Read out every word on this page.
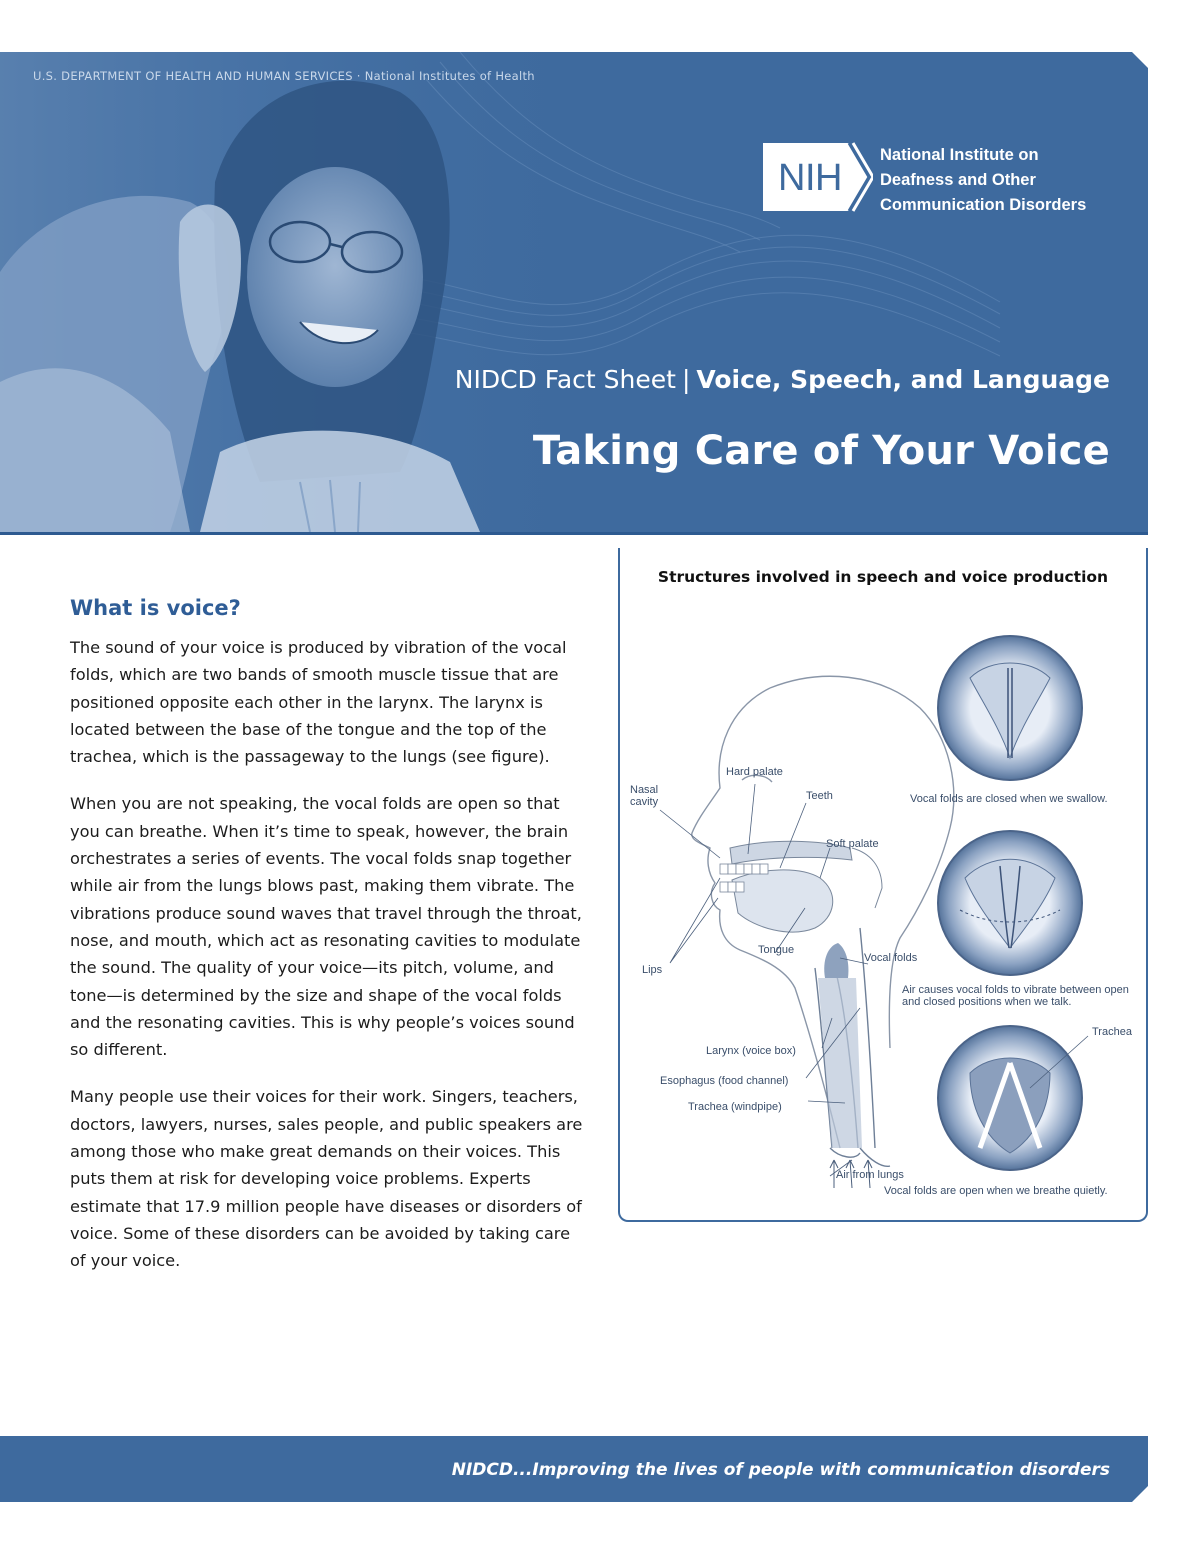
U.S. DEPARTMENT OF HEALTH AND HUMAN SERVICES · National Institutes of Health
NIH
National Institute on
Deafness and Other
Communication Disorders
NIDCD Fact Sheet | Voice, Speech, and Language
Taking Care of Your Voice
What is voice?

The sound of your voice is produced by vibration of the vocal folds, which are two bands of smooth muscle tissue that are positioned opposite each other in the larynx. The larynx is located between the base of the tongue and the top of the trachea, which is the passageway to the lungs (see figure).

When you are not speaking, the vocal folds are open so that you can breathe. When it’s time to speak, however, the brain orchestrates a series of events. The vocal folds snap together while air from the lungs blows past, making them vibrate. The vibrations produce sound waves that travel through the throat, nose, and mouth, which act as resonating cavities to modulate the sound. The quality of your voice—its pitch, volume, and tone—is determined by the size and shape of the vocal folds and the resonating cavities. This is why people’s voices sound so different.

Many people use their voices for their work. Singers, teachers, doctors, lawyers, nurses, sales people, and public speakers are among those who make great demands on their voices. This puts them at risk for developing voice problems. Experts estimate that 17.9 million people have diseases or disorders of voice. Some of these disorders can be avoided by taking care of your voice.

Structures involved in speech and voice production
Nasal cavity
Hard palate
Teeth
Soft palate
Lips
Tongue
Vocal folds
Larynx (voice box)
Esophagus (food channel)
Trachea (windpipe)
Air from lungs
Trachea
Vocal folds are closed when we swallow.
Air causes vocal folds to vibrate between open and closed positions when we talk.
Vocal folds are open when we breathe quietly.
NIDCD...Improving the lives of people with communication disorders
